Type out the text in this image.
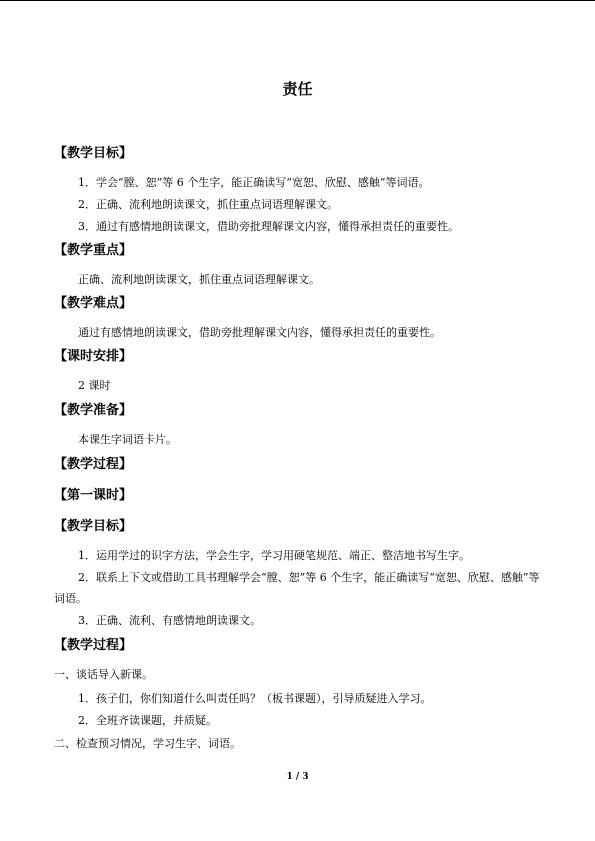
责任
【教学目标】
1．学会“膛、恕”等 6 个生字，能正确读写“宽恕、欣慰、感触”等词语。
2．正确、流利地朗读课文，抓住重点词语理解课文。
3．通过有感情地朗读课文，借助旁批理解课文内容，懂得承担责任的重要性。
【教学重点】
正确、流利地朗读课文，抓住重点词语理解课文。
【教学难点】
通过有感情地朗读课文，借助旁批理解课文内容，懂得承担责任的重要性。
【课时安排】
2 课时
【教学准备】
本课生字词语卡片。
【教学过程】
【第一课时】
【教学目标】
1．运用学过的识字方法，学会生字，学习用硬笔规范、端正、整洁地书写生字。
2．联系上下文或借助工具书理解学会“膛、恕”等 6 个生字，能正确读写“宽恕、欣慰、感触”等词语。
3．正确、流利、有感情地朗读课文。
【教学过程】
一、谈话导入新课。
1．孩子们，你们知道什么叫责任吗？（板书课题），引导质疑进入学习。
2．全班齐读课题，并质疑。
二、检查预习情况，学习生字、词语。
1 / 3
